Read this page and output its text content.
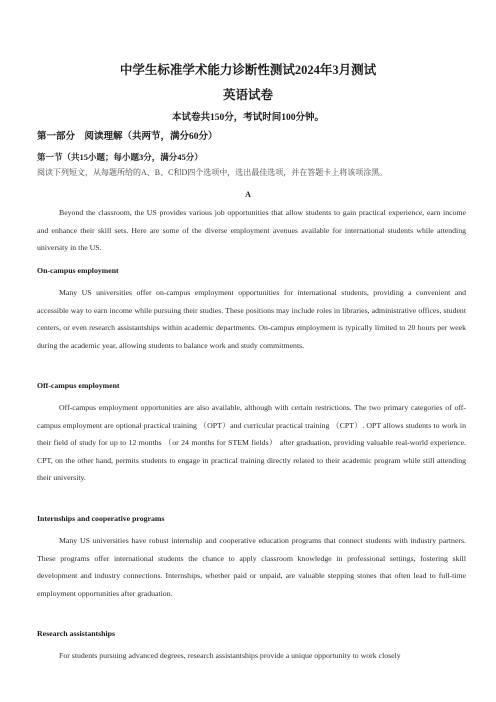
中学生标准学术能力诊断性测试2024年3月测试
英语试卷
本试卷共150分，考试时间100分钟。
第一部分　阅读理解（共两节，满分60分）
第一节（共15小题；每小题3分，满分45分）
阅读下列短文，从每题所给的A、B、C和D四个选项中，选出最佳选项，并在答题卡上将该项涂黑。
A

Beyond the classroom, the US provides various job opportunities that allow students to gain practical experience, earn income and enhance their skill sets. Here are some of the diverse employment avenues available for international students while attending university in the US.

On-campus employment

Many US universities offer on-campus employment opportunities for international students, providing a convenient and accessible way to earn income while pursuing their studies. These positions may include roles in libraries, administrative offices, student centers, or even research assistantships within academic departments. On-campus employment is typically limited to 20 hours per week during the academic year, allowing students to balance work and study commitments.

Off-campus employment

Off-campus employment opportunities are also available, although with certain restrictions. The two primary categories of off-campus employment are optional practical training （OPT）and curricular practical training （CPT）. OPT allows students to work in their field of study for up to 12 months （or 24 months for STEM fields） after graduation, providing valuable real-world experience. CPT, on the other hand, permits students to engage in practical training directly related to their academic program while still attending their university.

Internships and cooperative programs

Many US universities have robust internship and cooperative education programs that connect students with industry partners. These programs offer international students the chance to apply classroom knowledge in professional settings, fostering skill development and industry connections. Internships, whether paid or unpaid, are valuable stepping stones that often lead to full-time employment opportunities after graduation.

Research assistantships

For students pursuing advanced degrees, research assistantships provide a unique opportunity to work closely
